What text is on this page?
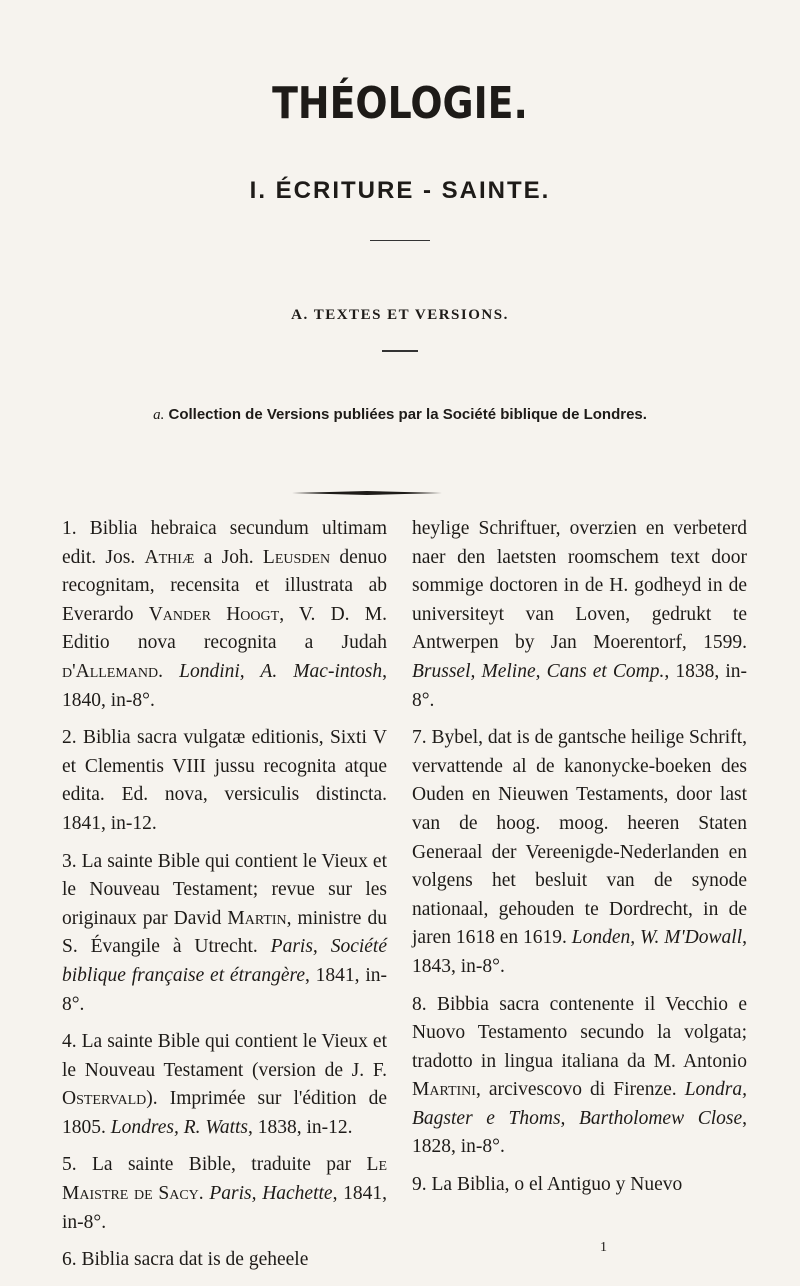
THÉOLOGIE.
I. ÉCRITURE - SAINTE.
A. TEXTES ET VERSIONS.

a. Collection de Versions publiées par la Société biblique de Londres.

1. Biblia hebraica secundum ultimam edit. Jos. Athiæ a Joh. Leusden denuo recognitam, recensita et illustrata ab Everardo Vander Hoogt, V. D. M. Editio nova recognita a Judah d'Allemand. Londini, A. Mac-intosh, 1840, in-8°.

2. Biblia sacra vulgatæ editionis, Sixti V et Clementis VIII jussu recognita atque edita. Ed. nova, versiculis distincta. 1841, in-12.

3. La sainte Bible qui contient le Vieux et le Nouveau Testament; revue sur les originaux par David Martin, ministre du S. Évangile à Utrecht. Paris, Société biblique française et étrangère, 1841, in-8°.

4. La sainte Bible qui contient le Vieux et le Nouveau Testament (version de J. F. Ostervald). Imprimée sur l'édition de 1805. Londres, R. Watts, 1838, in-12.

5. La sainte Bible, traduite par Le Maistre de Sacy. Paris, Hachette, 1841, in-8°.

6. Biblia sacra dat is de geheele

heylige Schriftuer, overzien en verbeterd naer den laetsten roomschem text door sommige doctoren in de H. godheyd in de universiteyt van Loven, gedrukt te Antwerpen by Jan Moerentorf, 1599. Brussel, Meline, Cans et Comp., 1838, in-8°.

7. Bybel, dat is de gantsche heilige Schrift, vervattende al de kanonycke-boeken des Ouden en Nieuwen Testaments, door last van de hoog. moog. heeren Staten Generaal der Vereenigde-Nederlanden en volgens het besluit van de synode nationaal, gehouden te Dordrecht, in de jaren 1618 en 1619. Londen, W. M'Dowall, 1843, in-8°.

8. Bibbia sacra contenente il Vecchio e Nuovo Testamento secundo la volgata; tradotto in lingua italiana da M. Antonio Martini, arcivescovo di Firenze. Londra, Bagster e Thoms, Bartholomew Close, 1828, in-8°.

9. La Biblia, o el Antiguo y Nuevo

1
